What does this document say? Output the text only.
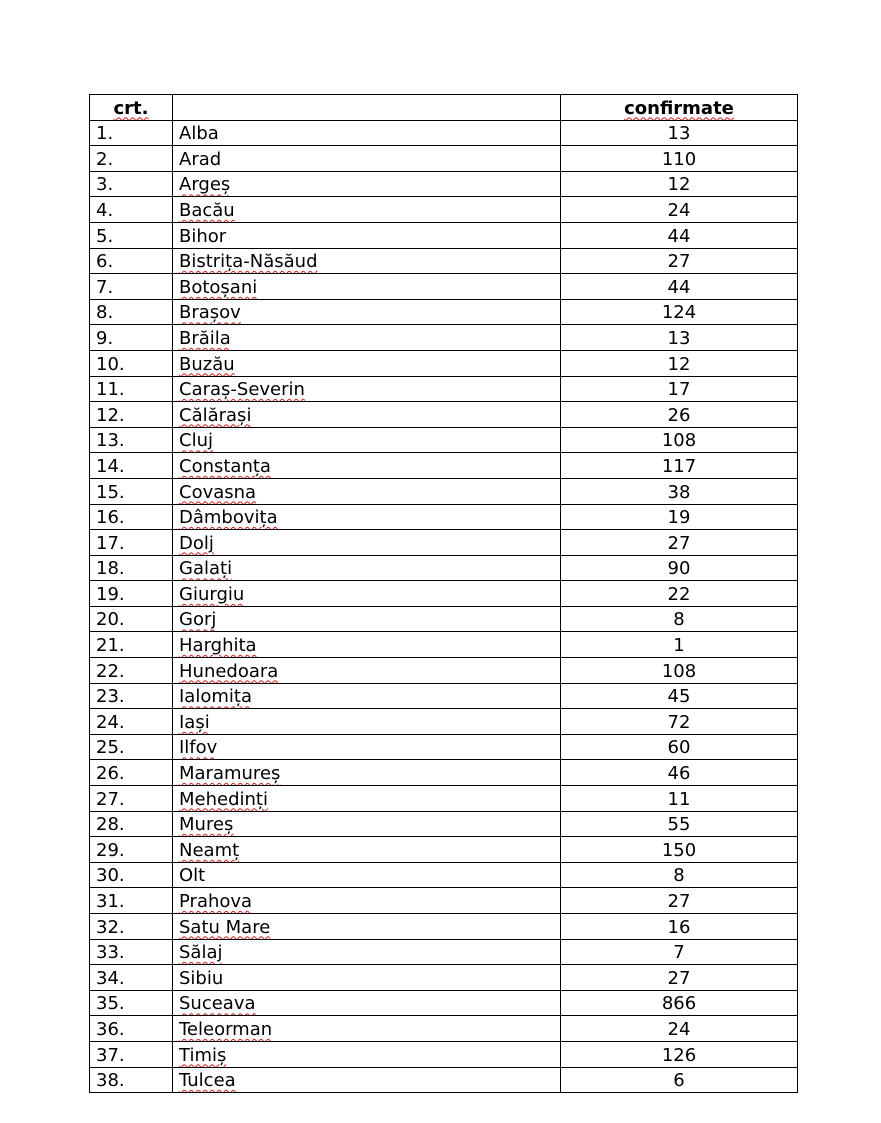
crt.		confirmate
1.	Alba	13
2.	Arad	110
3.	Argeș	12
4.	Bacău	24
5.	Bihor	44
6.	Bistrița-Năsăud	27
7.	Botoșani	44
8.	Brașov	124
9.	Brăila	13
10.	Buzău	12
11.	Caraș-Severin	17
12.	Călărași	26
13.	Cluj	108
14.	Constanța	117
15.	Covasna	38
16.	Dâmbovița	19
17.	Dolj	27
18.	Galați	90
19.	Giurgiu	22
20.	Gorj	8
21.	Harghita	1
22.	Hunedoara	108
23.	Ialomița	45
24.	Iași	72
25.	Ilfov	60
26.	Maramureș	46
27.	Mehedinți	11
28.	Mureș	55
29.	Neamț	150
30.	Olt	8
31.	Prahova	27
32.	Satu Mare	16
33.	Sălaj	7
34.	Sibiu	27
35.	Suceava	866
36.	Teleorman	24
37.	Timiș	126
38.	Tulcea	6
